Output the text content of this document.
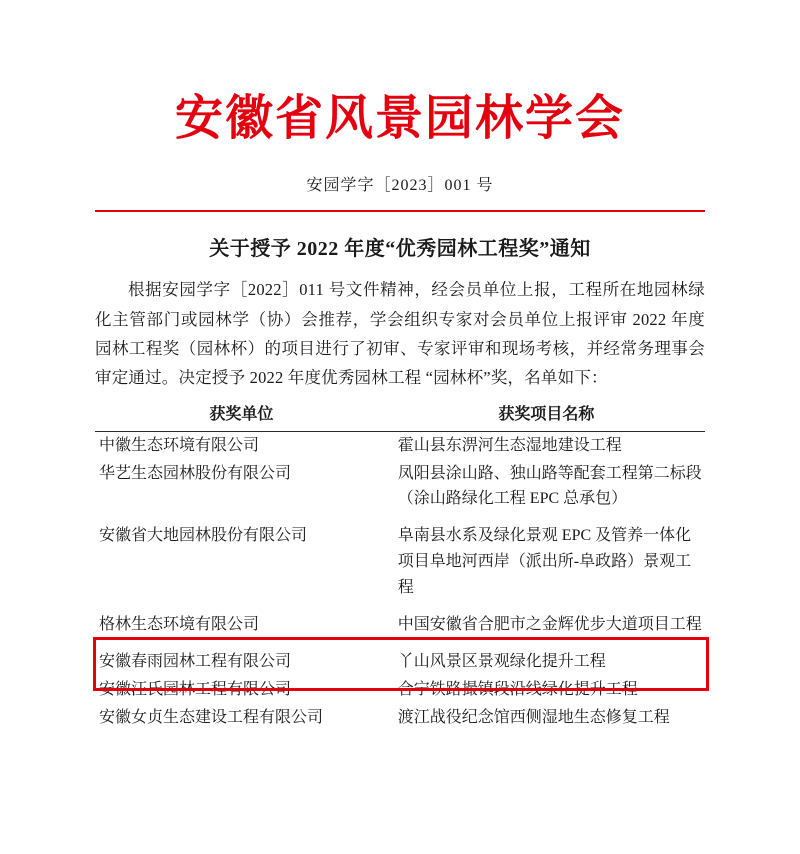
安徽省风景园林学会
安园学字［2023］001 号
关于授予 2022 年度“优秀园林工程奖”通知
根据安园学字［2022］011 号文件精神，经会员单位上报，工程所在地园林绿化主管部门或园林学（协）会推荐，学会组织专家对会员单位上报评审 2022 年度园林工程奖（园林杯）的项目进行了初审、专家评审和现场考核，并经常务理事会审定通过。决定授予 2022 年度优秀园林工程 “园林杯”奖，名单如下：
获奖单位	获奖项目名称

中徽生态环境有限公司	霍山县东淠河生态湿地建设工程
华艺生态园林股份有限公司	凤阳县涂山路、独山路等配套工程第二标段（涂山路绿化工程 EPC 总承包）

安徽省大地园林股份有限公司	阜南县水系及绿化景观 EPC 及管养一体化项目阜地河西岸（派出所-阜政路）景观工程

格林生态环境有限公司	中国安徽省合肥市之金辉优步大道项目工程

安徽春雨园林工程有限公司	丫山风景区景观绿化提升工程
安徽汪氏园林工程有限公司	合宁铁路撮镇段沿线绿化提升工程
安徽女贞生态建设工程有限公司	渡江战役纪念馆西侧湿地生态修复工程
